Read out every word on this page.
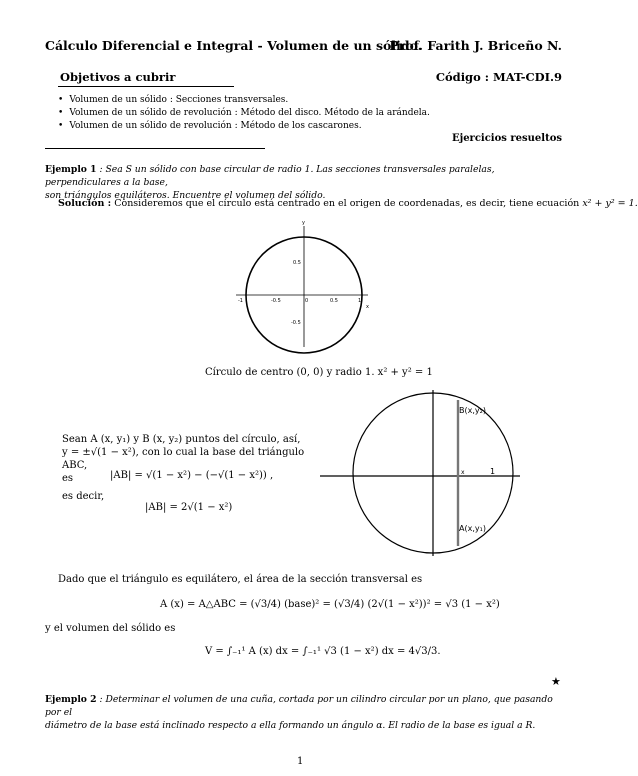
Cálculo Diferencial e Integral - Volumen de un sólido.
Prof. Farith J. Briceño N.
Objetivos a cubrir	Código : MAT-CDI.9
• Volumen de un sólido : Secciones transversales.
• Volumen de un sólido de revolución : Método del disco. Método de la arándela.
• Volumen de un sólido de revolución : Método de los cascarones.
Ejercicios resueltos
Ejemplo 1 : Sea S un sólido con base circular de radio 1. Las secciones transversales paralelas, perpendiculares a la base,
son triángulos equiláteros. Encuentre el volumen del sólido.
Solución : Consideremos que el círculo está centrado en el origen de coordenadas, es decir, tiene ecuación x² + y² = 1.
-1	-0.5	0	0.5	1
0.5
-0.5
x
y
Círculo de centro (0, 0) y radio 1. x² + y² = 1
Sean A (x, y₁) y B (x, y₂) puntos del círculo, así,
y = ±√(1 − x²), con lo cual la base del triángulo ABC,
es	|AB| = √(1 − x²) − (−√(1 − x²)) ,
es decir,
|AB| = 2√(1 − x²)
B(x,y₂)
A(x,y₁)
x	1
Dado que el triángulo es equilátero, el área de la sección transversal es
A (x) = A△ABC = (√3/4) (base)² = (√3/4) (2√(1 − x²))² = √3 (1 − x²)
y el volumen del sólido es
V = ∫₋₁¹ A (x) dx = ∫₋₁¹ √3 (1 − x²) dx = 4√3/3.
★
Ejemplo 2 : Determinar el volumen de una cuña, cortada por un cilindro circular por un plano, que pasando por el
diámetro de la base está inclinado respecto a ella formando un ángulo α. El radio de la base es igual a R.
1
